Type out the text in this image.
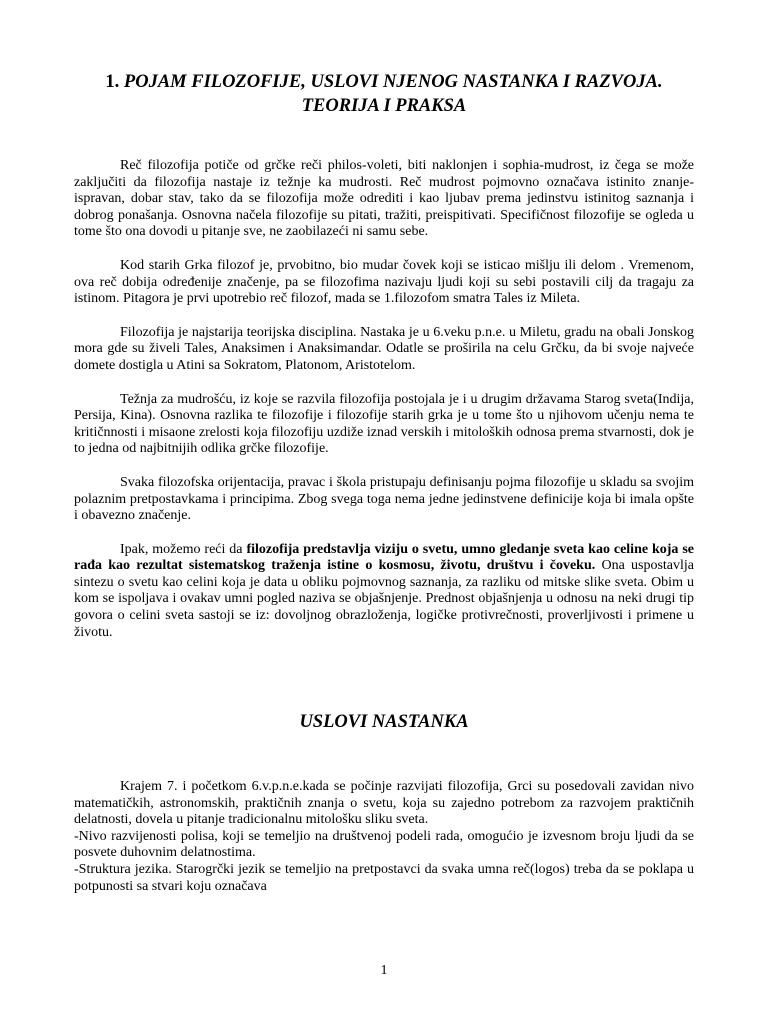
1. POJAM FILOZOFIJE, USLOVI NJENOG NASTANKA I RAZVOJA. TEORIJA I PRAKSA

Reč filozofija potiče od grčke reči philos-voleti, biti naklonjen i sophia-mudrost, iz čega se može zaključiti da filozofija nastaje iz težnje ka mudrosti. Reč mudrost pojmovno označava istinito znanje- ispravan, dobar stav, tako da se filozofija može odrediti i kao ljubav prema jedinstvu istinitog saznanja i dobrog ponašanja. Osnovna načela filozofije su pitati, tražiti, preispitivati. Specifičnost filozofije se ogleda u tome što ona dovodi u pitanje sve, ne zaobilazeći ni samu sebe.

Kod starih Grka filozof je, prvobitno, bio mudar čovek koji se isticao mišlju ili delom . Vremenom, ova reč dobija određenije značenje, pa se filozofima nazivaju ljudi koji su sebi postavili cilj da tragaju za istinom. Pitagora je prvi upotrebio reč filozof, mada se 1.filozofom smatra Tales iz Mileta.

Filozofija je najstarija teorijska disciplina. Nastaka je u 6.veku p.n.e. u Miletu, gradu na obali Jonskog mora gde su živeli Tales, Anaksimen i Anaksimandar. Odatle se proširila na celu Grčku, da bi svoje najveće domete dostigla u Atini sa Sokratom, Platonom, Aristotelom.

Težnja za mudrošću, iz koje se razvila filozofija postojala je i u drugim državama Starog sveta(Indija, Persija, Kina). Osnovna razlika te filozofije i filozofije starih grka je u tome što u njihovom učenju nema te kritičnnosti i misaone zrelosti koja filozofiju uzdiže iznad verskih i mitoloških odnosa prema stvarnosti, dok je to jedna od najbitnijih odlika grčke filozofije.

Svaka filozofska orijentacija, pravac i škola pristupaju definisanju pojma filozofije u skladu sa svojim polaznim pretpostavkama i principima. Zbog svega toga nema jedne jedinstvene definicije koja bi imala opšte i obavezno značenje.

Ipak, možemo reći da filozofija predstavlja viziju o svetu, umno gledanje sveta kao celine koja se rađa kao rezultat sistematskog traženja istine o kosmosu, životu, društvu i čoveku. Ona uspostavlja sintezu o svetu kao celini koja je data u obliku pojmovnog saznanja, za razliku od mitske slike sveta. Obim u kom se ispoljava i ovakav umni pogled naziva se objašnjenje. Prednost objašnjenja u odnosu na neki drugi tip govora o celini sveta sastoji se iz: dovoljnog obrazloženja, logičke protivrečnosti, proverljivosti i primene u životu.

USLOVI NASTANKA

Krajem 7. i početkom 6.v.p.n.e.kada se počinje razvijati filozofija, Grci su posedovali zavidan nivo matematičkih, astronomskih, praktičnih znanja o svetu, koja su zajedno potrebom za razvojem praktičnih delatnosti, dovela u pitanje tradicionalnu mitološku sliku sveta.

-Nivo razvijenosti polisa, koji se temeljio na društvenoj podeli rada, omogućio je izvesnom broju ljudi da se posvete duhovnim delatnostima.

-Struktura jezika. Starogrčki jezik se temeljio na pretpostavci da svaka umna reč(logos) treba da se poklapa u potpunosti sa stvari koju označava

1
